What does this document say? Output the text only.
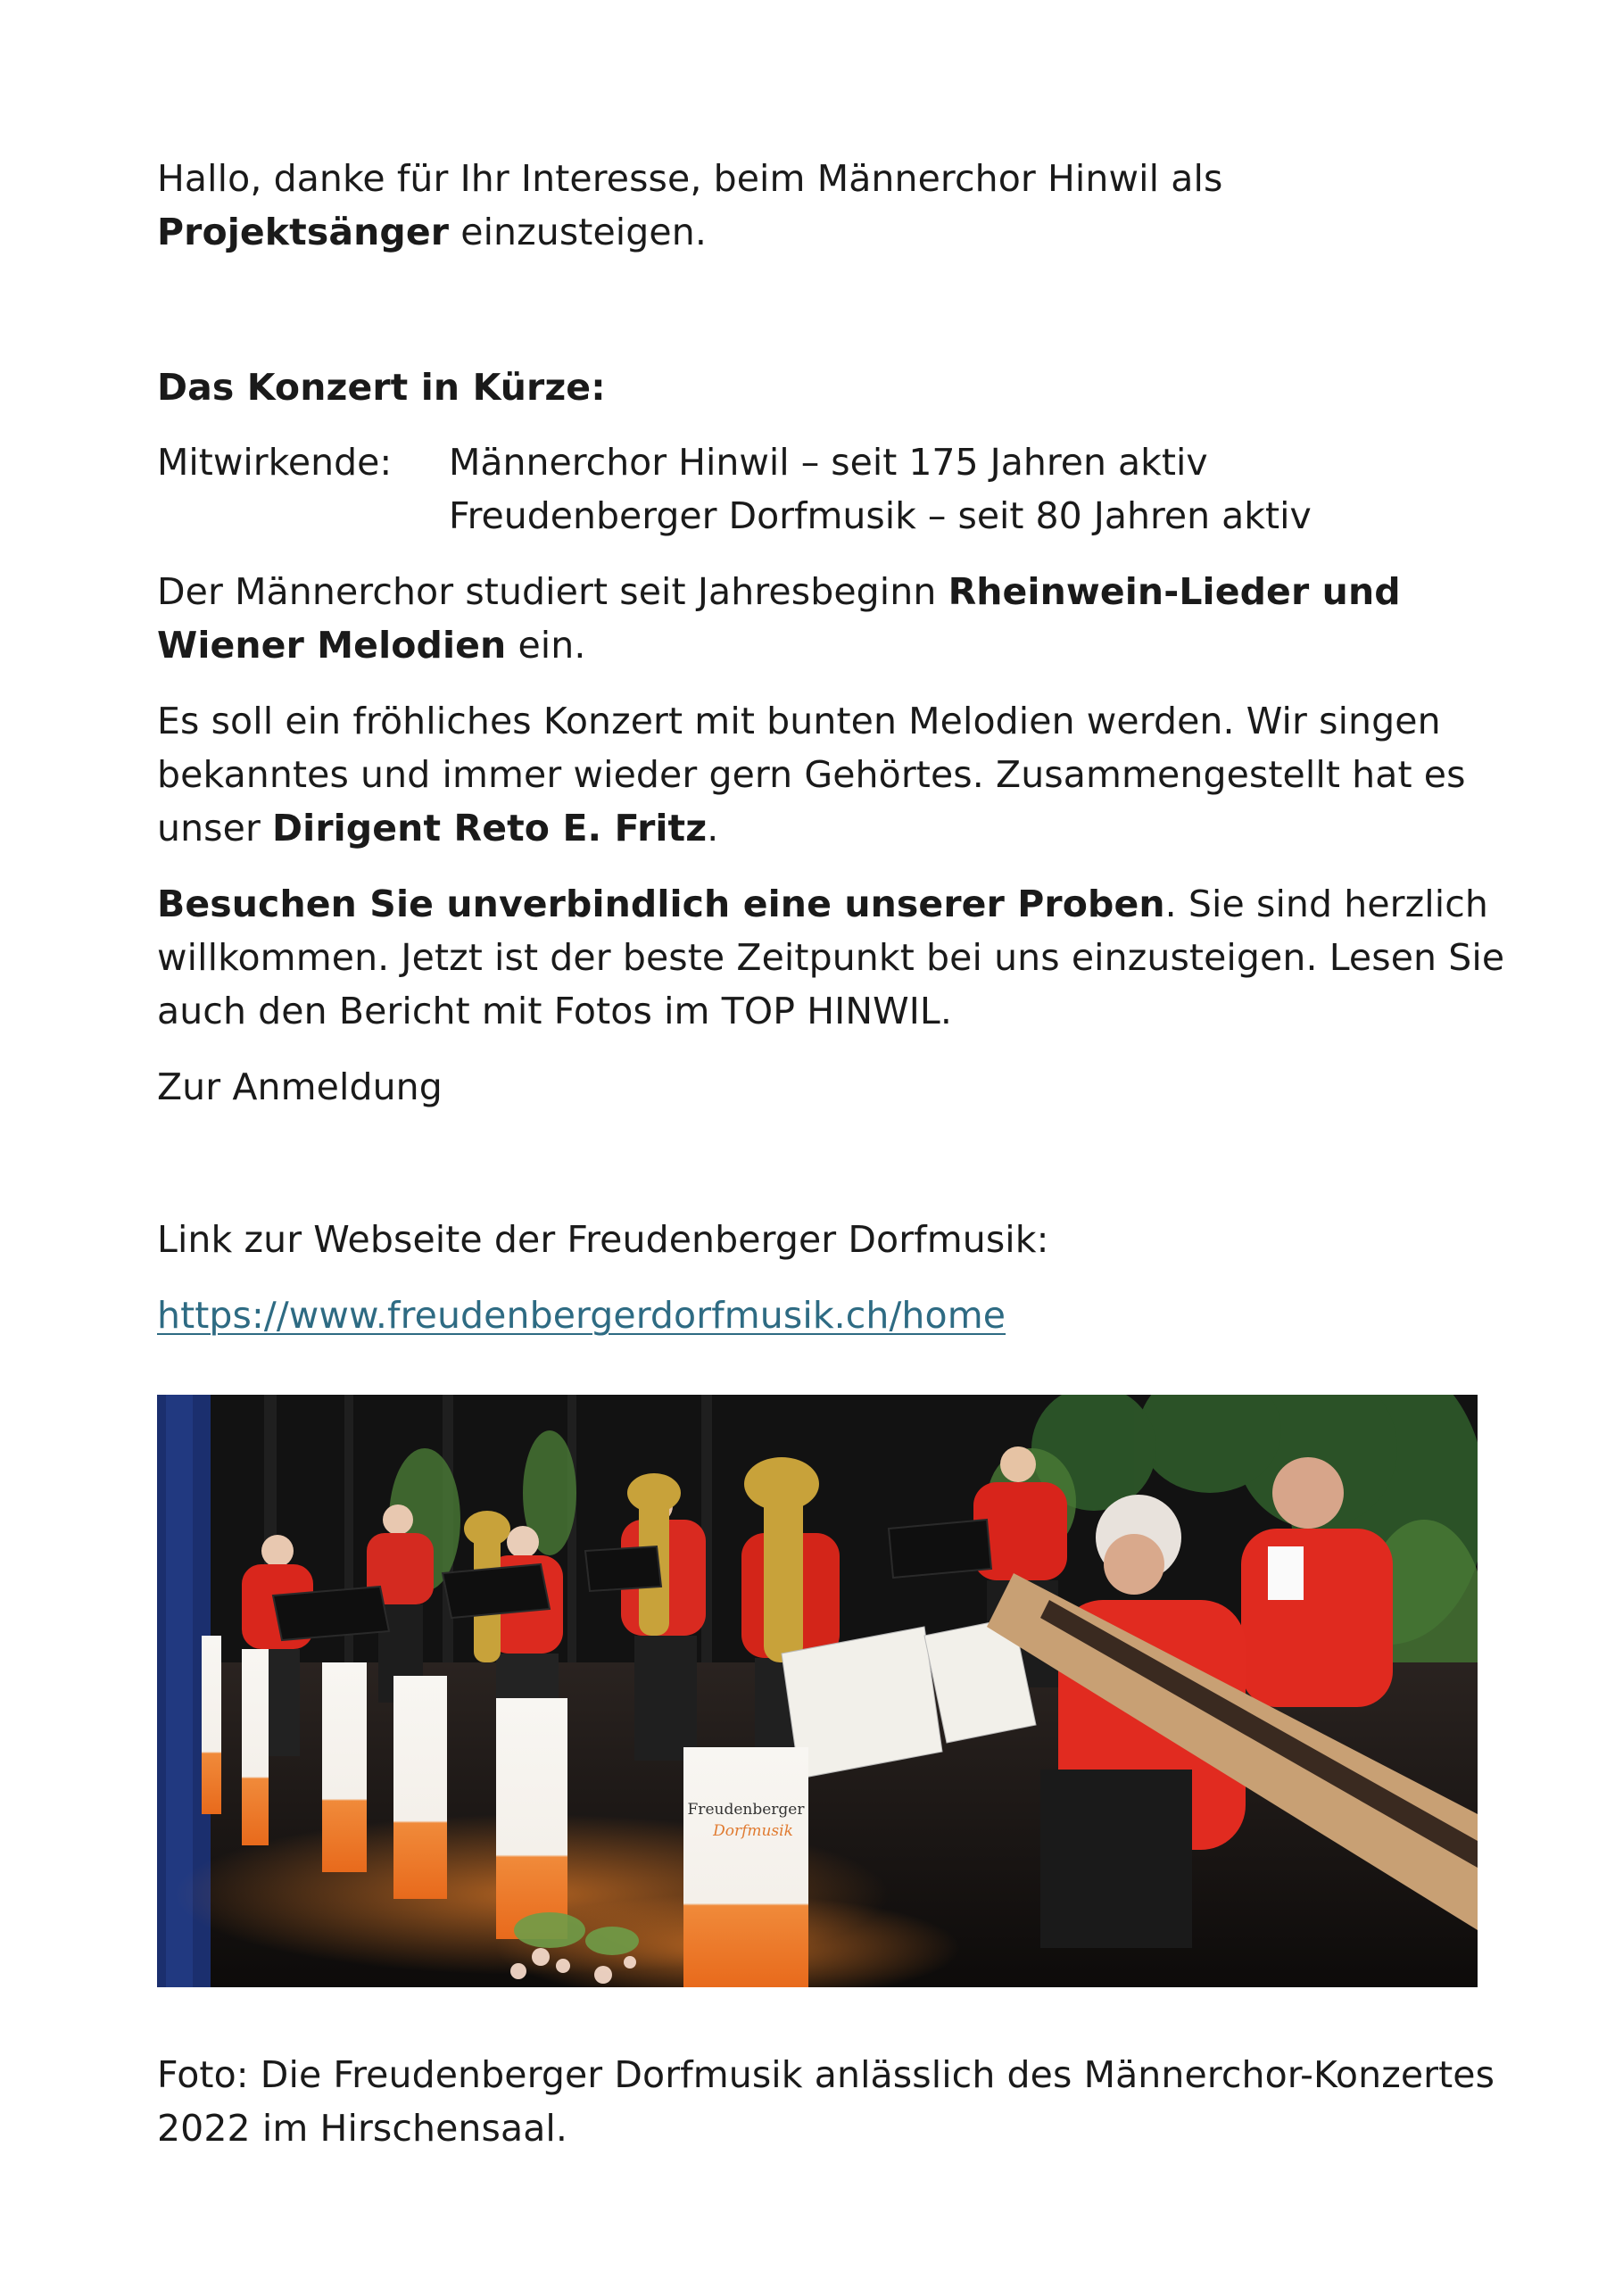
Hallo, danke für Ihr Interesse, beim Männerchor Hinwil als
Projektsänger einzusteigen.
Das Konzert in Kürze:
Mitwirkende: Männerchor Hinwil – seit 175 Jahren aktiv
Freudenberger Dorfmusik – seit 80 Jahren aktiv
Der Männerchor studiert seit Jahresbeginn Rheinwein-Lieder und
Wiener Melodien ein.
Es soll ein fröhliches Konzert mit bunten Melodien werden. Wir singen
bekanntes und immer wieder gern Gehörtes. Zusammengestellt hat es
unser Dirigent Reto E. Fritz.
Besuchen Sie unverbindlich eine unserer Proben. Sie sind herzlich
willkommen. Jetzt ist der beste Zeitpunkt bei uns einzusteigen. Lesen Sie
auch den Bericht mit Fotos im TOP HINWIL.
Zur Anmeldung
Link zur Webseite der Freudenberger Dorfmusik:
https://www.freudenbergerdorfmusik.ch/home
Freudenberger
Dorfmusik
Foto: Die Freudenberger Dorfmusik anlässlich des Männerchor-Konzertes
2022 im Hirschensaal.
